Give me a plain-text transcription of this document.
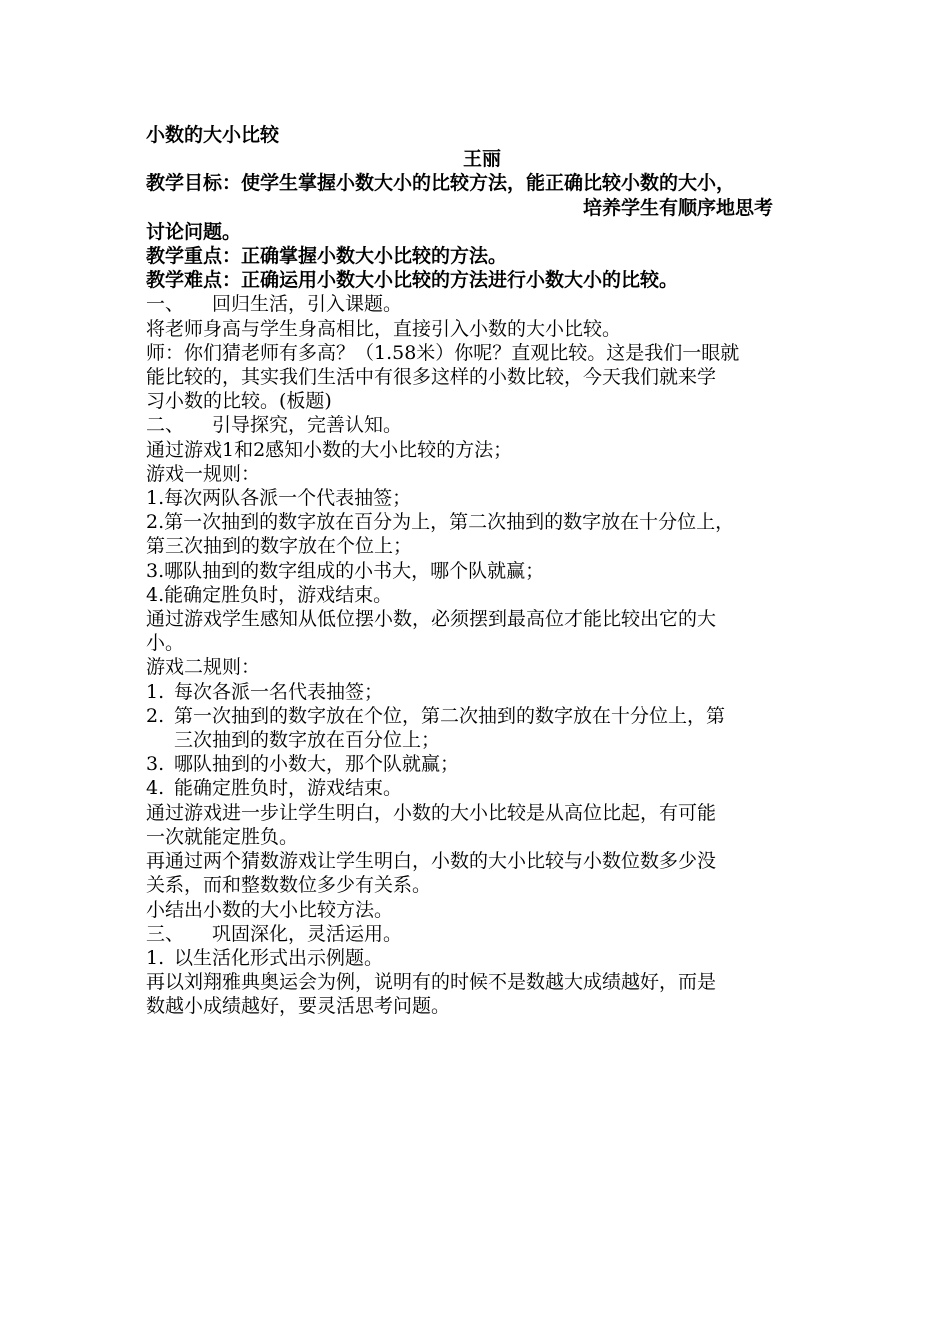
小数的大小比较

王丽

教学目标：使学生掌握小数大小的比较方法，能正确比较小数的大小，

培养学生有顺序地思考

讨论问题。

教学重点：正确掌握小数大小比较的方法。

教学难点：正确运用小数大小比较的方法进行小数大小的比较。

一、 回归生活，引入课题。

将老师身高与学生身高相比，直接引入小数的大小比较。

师：你们猜老师有多高？（1.58米）你呢？直观比较。这是我们一眼就

能比较的，其实我们生活中有很多这样的小数比较，今天我们就来学

习小数的比较。(板题)

二、 引导探究，完善认知。

通过游戏1和2感知小数的大小比较的方法；

游戏一规则：

1.每次两队各派一个代表抽签；

2.第一次抽到的数字放在百分为上，第二次抽到的数字放在十分位上，

第三次抽到的数字放在个位上；

3.哪队抽到的数字组成的小书大，哪个队就赢；

4.能确定胜负时，游戏结束。

通过游戏学生感知从低位摆小数，必须摆到最高位才能比较出它的大

小。

游戏二规则：

1. 每次各派一名代表抽签；
2. 第一次抽到的数字放在个位，第二次抽到的数字放在十分位上，第
三次抽到的数字放在百分位上；
3. 哪队抽到的小数大，那个队就赢；
4. 能确定胜负时，游戏结束。

通过游戏进一步让学生明白，小数的大小比较是从高位比起，有可能

一次就能定胜负。

再通过两个猜数游戏让学生明白，小数的大小比较与小数位数多少没

关系，而和整数数位多少有关系。

小结出小数的大小比较方法。

三、 巩固深化，灵活运用。

1. 以生活化形式出示例题。

再以刘翔雅典奥运会为例，说明有的时候不是数越大成绩越好，而是

数越小成绩越好，要灵活思考问题。
